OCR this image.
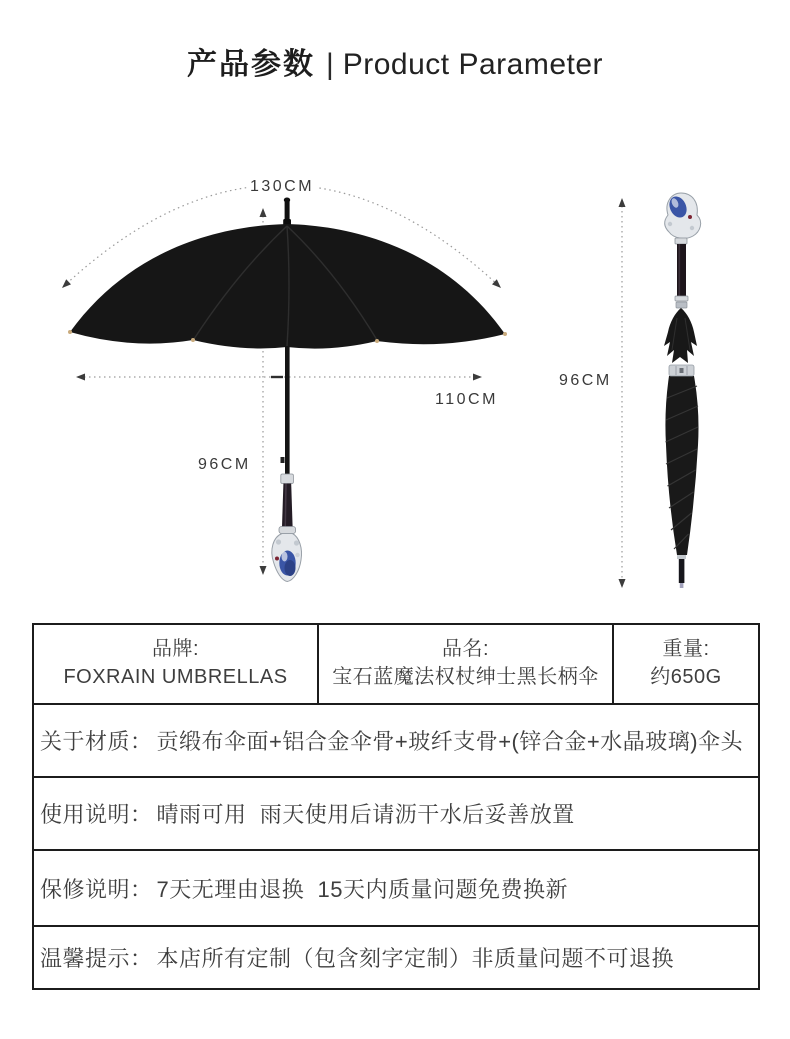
产品参数 | Product Parameter
130CM
110CM
96CM
96CM
品牌:
FOXRAIN UMBRELLAS

品名:
宝石蓝魔法权杖绅士黑长柄伞

重量:
约650G

关于材质： 贡缎布伞面+铝合金伞骨+玻纤支骨+(锌合金+水晶玻璃)伞头
使用说明： 晴雨可用  雨天使用后请沥干水后妥善放置
保修说明： 7天无理由退换  15天内质量问题免费换新
温馨提示： 本店所有定制（包含刻字定制）非质量问题不可退换
